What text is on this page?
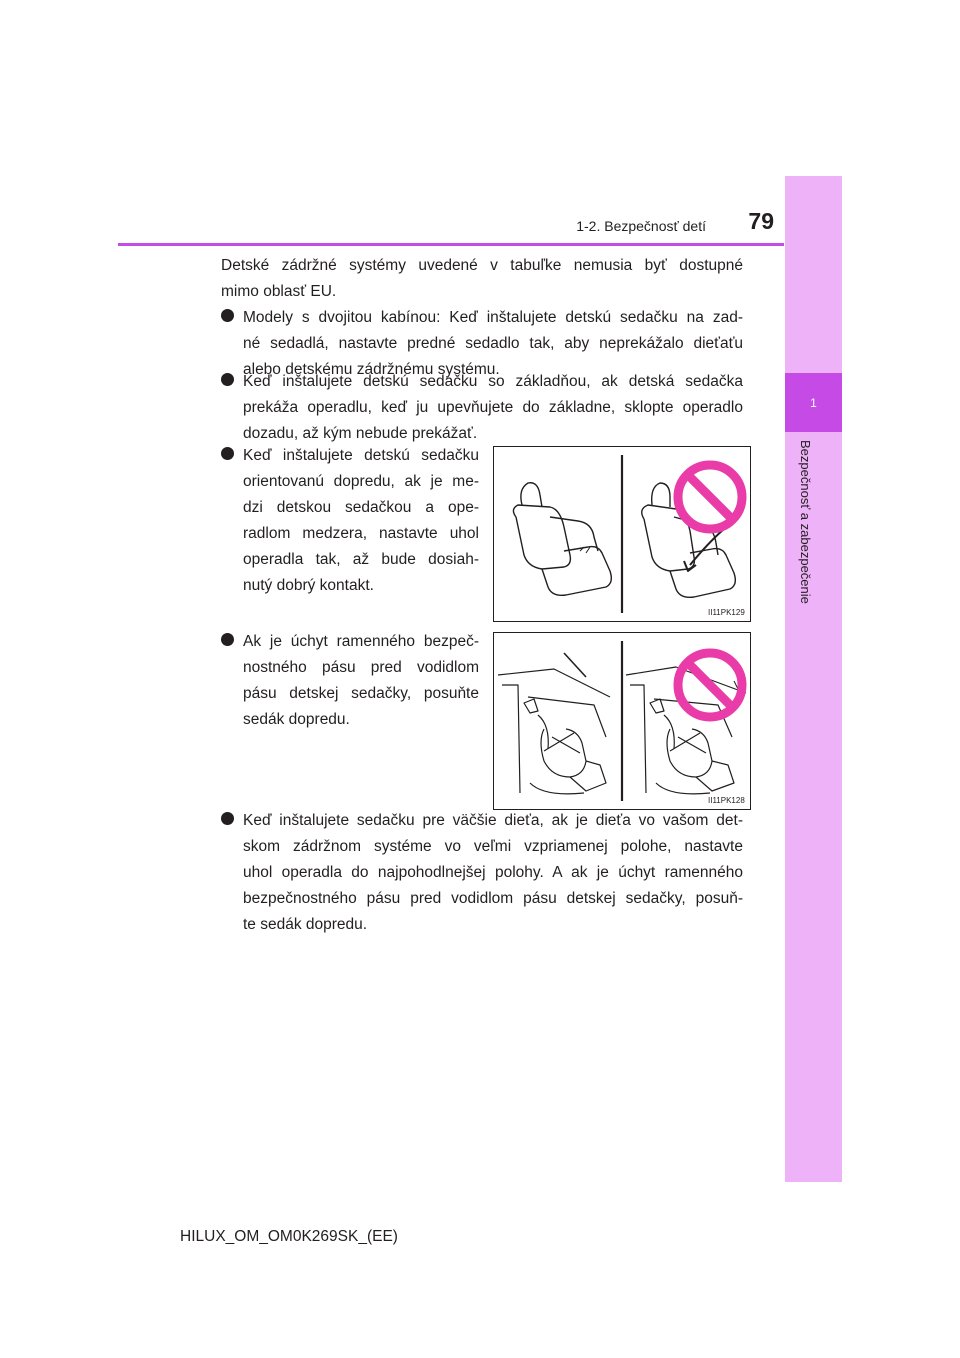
1-2. Bezpečnosť detí	79
1
Bezpečnosť a zabezpečenie
Detské zádržné systémy uvedené v tabuľke nemusia byť dostupné
mimo oblasť EU.
Modely s dvojitou kabínou: Keď inštalujete detskú sedačku na zad-
né sedadlá, nastavte predné sedadlo tak, aby neprekážalo dieťaťu
alebo detskému zádržnému systému.
Keď inštalujete detskú sedačku so základňou, ak detská sedačka
prekáža operadlu, keď ju upevňujete do základne, sklopte operadlo
dozadu, až kým nebude prekážať.
Keď inštalujete detskú sedačku
orientovanú dopredu, ak je me-
dzi detskou sedačkou a ope-
radlom medzera, nastavte uhol
operadla tak, až bude dosiah-
nutý dobrý kontakt.
II11PK129
Ak je úchyt ramenného bezpeč-
nostného pásu pred vodidlom
pásu detskej sedačky, posuňte
sedák dopredu.
II11PK128
Keď inštalujete sedačku pre väčšie dieťa, ak je dieťa vo vašom det-
skom zádržnom systéme vo veľmi vzpriamenej polohe, nastavte
uhol operadla do najpohodlnejšej polohy. A ak je úchyt ramenného
bezpečnostného pásu pred vodidlom pásu detskej sedačky, posuň-
te sedák dopredu.
HILUX_OM_OM0K269SK_(EE)
